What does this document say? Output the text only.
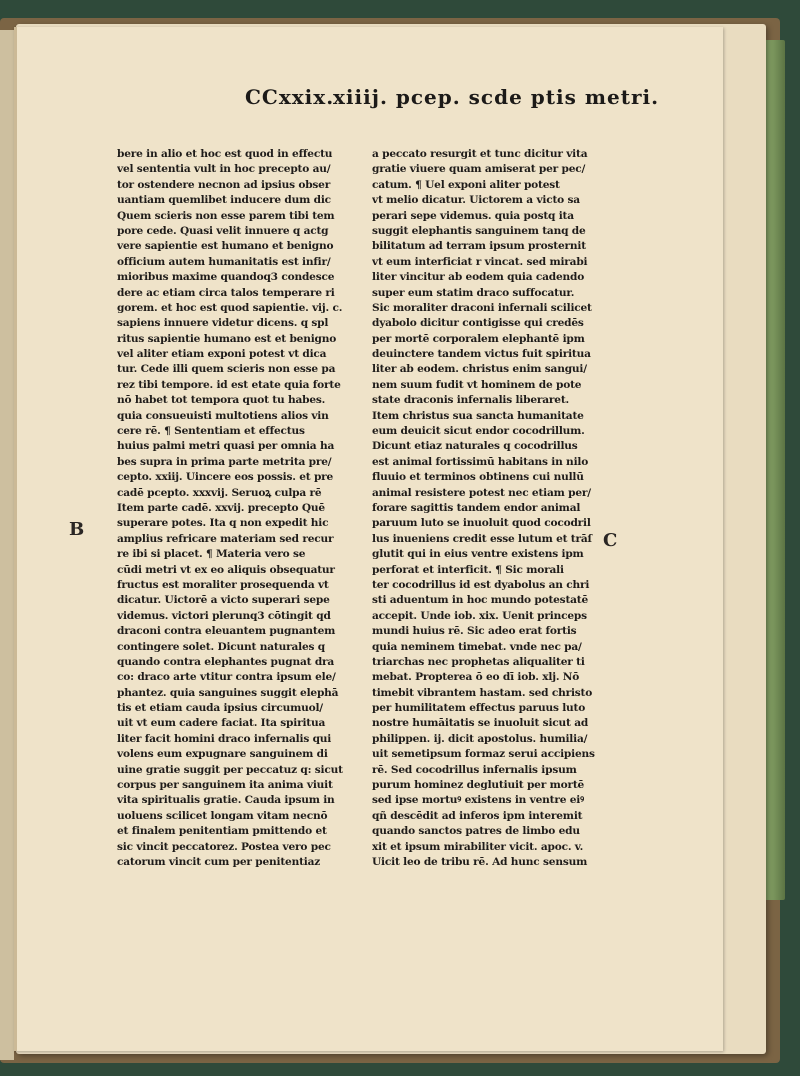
CCxxix.
xiiij. pcep. scde ptis metri.
B
C
bere in alio et hoc est quod in effectu
vel sententia vult in hoc precepto au/
tor ostendere necnon ad ipsius obser
uantiam quemlibet inducere dum dic
Quem scieris non esse parem tibi tem
pore cede. Quasi velit innuere q actg
vere sapientie est humano et benigno
officium autem humanitatis est infir/
mioribus maxime quandoq3 condesce
dere ac etiam circa talos temperare ri
gorem. et hoc est quod sapientie. vij. c.
sapiens innuere videtur dicens. q spl
ritus sapientie humano est et benigno
vel aliter etiam exponi potest vt dica
tur. Cede illi quem scieris non esse pa
rez tibi tempore. id est etate quia forte
nō habet tot tempora quot tu habes.
quia consueuisti multotiens alios vin
cere rē. ¶ Sententiam et effectus
huius palmi metri quasi per omnia ha
bes supra in prima parte metrita pre/
cepto. xxiij. Uincere eos possis. et pre
cadē pcepto. xxxvij. Seruoꝝ culpa rē
Item parte cadē. xxvij. precepto Quē
superare potes. Ita q non expedit hic
amplius refricare materiam sed recur
re ibi si placet. ¶ Materia vero se
cūdi metri vt ex eo aliquis obsequatur
fructus est moraliter prosequenda vt
dicatur. Uictorē a victo superari sepe
videmus. victori plerunq3 cōtingit qd
draconi contra eleuantem pugnantem
contingere solet. Dicunt naturales q
quando contra elephantes pugnat dra
co: draco arte vtitur contra ipsum ele/
phantez. quia sanguines suggit elephā
tis et etiam cauda ipsius circumuol/
uit vt eum cadere faciat. Ita spiritua
liter facit homini draco infernalis qui
volens eum expugnare sanguinem di
uine gratie suggit per peccatuz q: sicut
corpus per sanguinem ita anima viuit
vita spiritualis gratie. Cauda ipsum in
uoluens scilicet longam vitam necnō
et finalem penitentiam pmittendo et
sic vincit peccatorez. Postea vero pec
catorum vincit cum per penitentiaz
a peccato resurgit et tunc dicitur vita
gratie viuere quam amiserat per pec/
catum. ¶ Uel exponi aliter potest
vt melio dicatur. Uictorem a victo sa
perari sepe videmus. quia postq ita
suggit elephantis sanguinem tanq de
bilitatum ad terram ipsum prosternit
vt eum interficiat r vincat. sed mirabi
liter vincitur ab eodem quia cadendo
super eum statim draco suffocatur.
Sic moraliter draconi infernali scilicet
dyabolo dicitur contigisse qui credēs
per mortē corporalem elephantē ipm
deuinctere tandem victus fuit spiritua
liter ab eodem. christus enim sangui/
nem suum fudit vt hominem de pote
state draconis infernalis liberaret.
Item christus sua sancta humanitate
eum deuicit sicut endor cocodrillum.
Dicunt etiaz naturales q cocodrillus
est animal fortissimū habitans in nilo
fluuio et terminos obtinens cui nullū
animal resistere potest nec etiam per/
forare sagittis tandem endor animal
paruum luto se inuoluit quod cocodril
lus inueniens credit esse lutum et trāſ
glutit qui in eius ventre existens ipm
perforat et interficit. ¶ Sic morali
ter cocodrillus id est dyabolus an chri
sti aduentum in hoc mundo potestatē
accepit. Unde iob. xix. Uenit princeps
mundi huius rē. Sic adeo erat fortis
quia neminem timebat. vnde nec pa/
triarchas nec prophetas aliqualiter ti
mebat. Propterea ō eo dī iob. xlj. Nō
timebit vibrantem hastam. sed christo
per humilitatem effectus paruus luto
nostre humāitatis se inuoluit sicut ad
philippen. ij. dicit apostolus. humilia/
uit semetipsum formaz serui accipiens
rē. Sed cocodrillus infernalis ipsum
purum hominez deglutiuit per mortē
sed ipse mortuꝰ existens in ventre eiꝰ
qñ descēdit ad inferos ipm interemit
quando sanctos patres de limbo edu
xit et ipsum mirabiliter vicit. apoc. v.
Uicit leo de tribu rē. Ad hunc sensum
